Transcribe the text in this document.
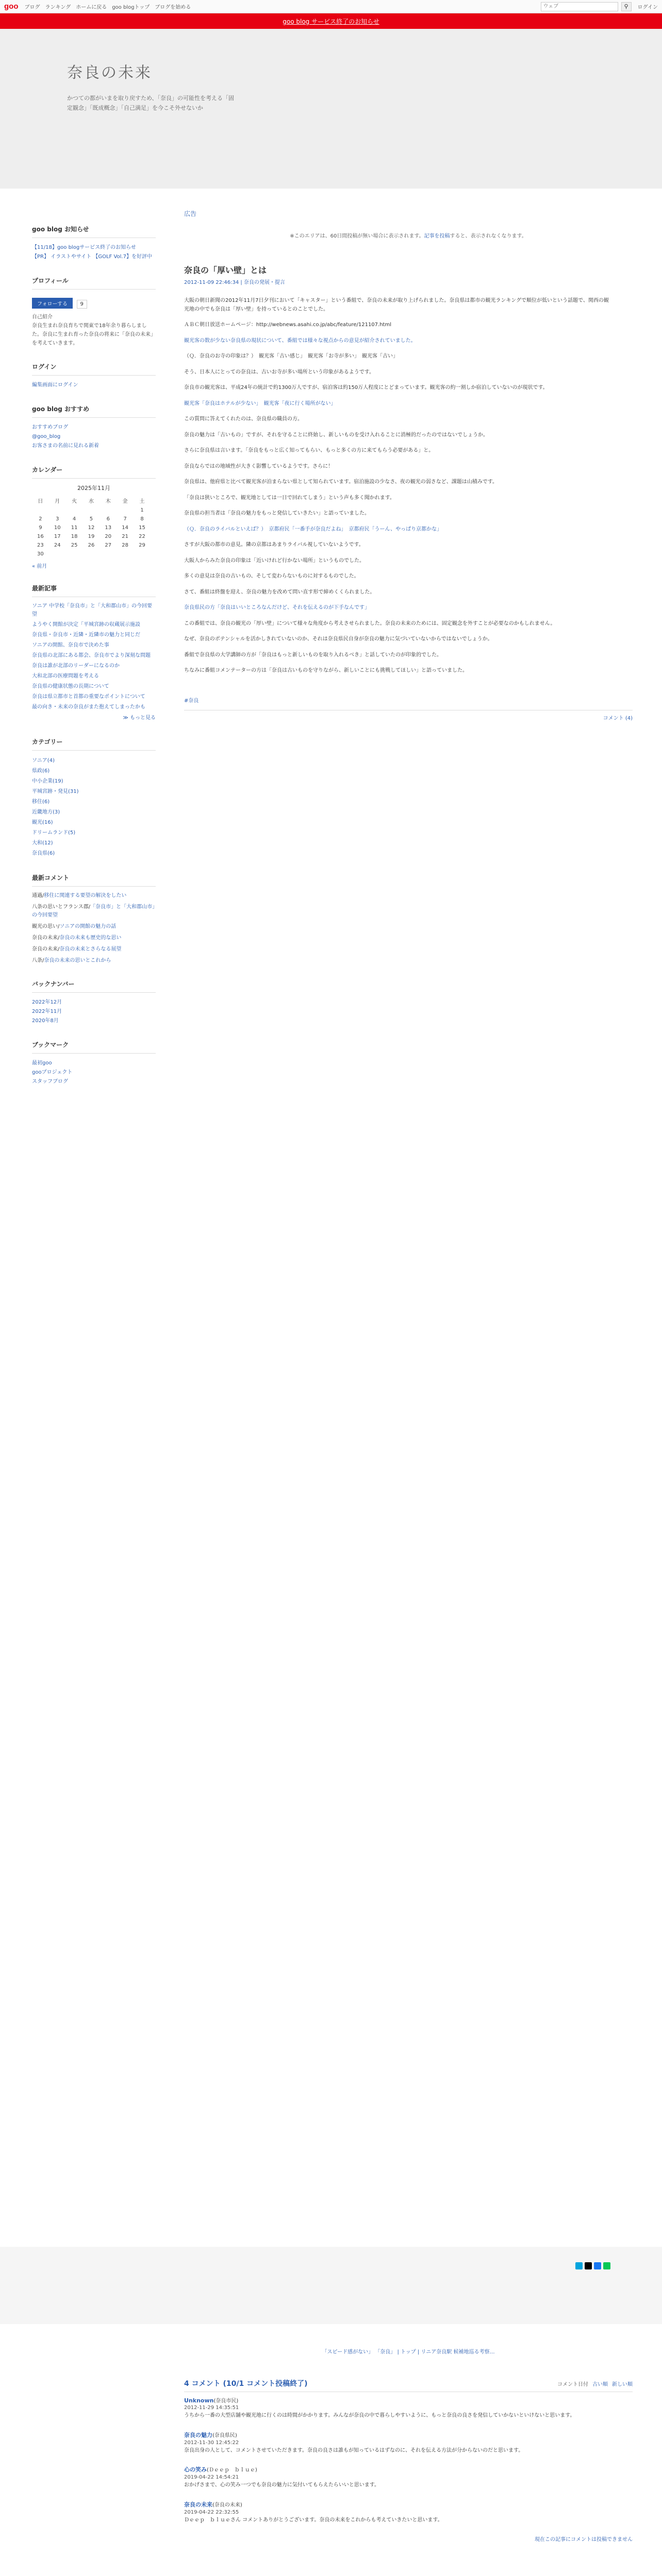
goo ブログ ランキング ホームに戻る goo blogトップ ブログを始める
ウェブ	⚲	ログイン
goo blog サービス終了のお知らせ
奈良の未来
かつての都がいまを取り戻すため、「奈良」の可能性を考える「固定観念」「既成概念」「自己満足」を今こそ外せないか
goo blog お知らせ
【11/18】goo blogサービス終了のお知らせ
【PR】 イラストやサイト 【GOLF Vol.7】を好評中
プロフィール
フォローする 9
自己紹介
奈良生まれ奈良育ちで関東で18年余り暮らしました。奈良に生まれ育った奈良の将来に「奈良の未来」を考えていきます。
ログイン
編集画面にログイン
goo blog おすすめ
おすすめブログ
@goo_blog
お客さまの名前に見れる新着
カレンダー
2025年11月
日	月	火	水	木	金	土
						1
2	3	4	5	6	7	8
9	10	11	12	13	14	15
16	17	18	19	20	21	22
23	24	25	26	27	28	29
30						
« 前月
最新記事
ソニア 中学校「奈良市」と「大和郡山市」の今回要望
ようやく開館が決定「平城宮跡の収蔵展示施設
奈良県・奈良市・近隣・近隣市の魅力と同じだ
ソニアの開館、奈良市で決めた事
奈良県の北部にある都会、奈良市でより深刻な問題
奈良は誰が北部のリーダーになるのか
大和北部の医療問題を考える
奈良県の健康状態の長期について
奈良は県立都市と首都の重要なポイントについて
最の向き・未来の奈良がまた抱えてしまったかも
≫ もっと見る
カテゴリー
ソニア(4)
県政(6)
中小企業(19)
平城宮跡・発見(31)
移住(6)
近畿地方(3)
観光(16)
ドリームランド(5)
大和(12)
奈良県(6)
最新コメント
通過/移住に関連する要望の解決をしたい
八条の思いとフランス郡/「奈良市」と「大和郡山市」の今回要望
観光の思い/ソニアの開館の魅力の話
奈良の未来/奈良の未来も歴史的な思い
奈良の未来/奈良の未来とさらなる展望
八条/奈良の未来の思いとこれから
バックナンバー
2022年12月
2022年11月
2020年8月
ブックマーク
最初goo
gooプロジェクト
スタッフブログ
広告
※このエリアは、60日間投稿が無い場合に表示されます。記事を投稿すると、表示されなくなります。
奈良の「厚い壁」とは
2012-11-09 22:46:34 | 奈良の発展・提言

大阪の朝日新聞の2012年11月7日夕刊において「キャスター」という番組で、奈良の未来が取り上げられました。奈良県は都市の観光ランキングで順位が低いという話題で、関西の観光地の中でも奈良は「厚い壁」を持っているとのことでした。

ＡＢＣ朝日放送ホームページ：http://webnews.asahi.co.jp/abc/feature/121107.html

観光客の数が少ない奈良県の現状について、番組では様々な視点からの意見が紹介されていました。

（Ｑ．奈良のお寺の印象は？）　観光客「古い感じ」　観光客「お寺が多い」　観光客「古い」

そう、日本人にとっての奈良は、古いお寺が多い場所という印象があるようです。

奈良市の観光客は、平成24年の統計で約1300万人ですが、宿泊客は約150万人程度にとどまっています。観光客の約一割しか宿泊していないのが現状です。

観光客「奈良はホテルが少ない」　観光客「夜に行く場所がない」

この質問に答えてくれたのは、奈良県の職員の方。

奈良の魅力は「古いもの」ですが、それを守ることに終始し、新しいものを受け入れることに消極的だったのではないでしょうか。

さらに奈良県は言います。「奈良をもっと広く知ってもらい、もっと多くの方に来てもらう必要がある」と。

奈良ならではの地域性が大きく影響しているようです。さらに！

奈良県は、他府県と比べて観光客が泊まらない県として知られています。宿泊施設の少なさ、夜の観光の弱さなど、課題は山積みです。

「奈良は狭いところで、観光地としては一日で回れてしまう」という声も多く聞かれます。

奈良県の担当者は「奈良の魅力をもっと発信していきたい」と語っていました。

（Ｑ．奈良のライバルといえば？）　京都府民「一番手が奈良だよね」　京都府民「うーん、やっぱり京都かな」

さすが大阪の都市の意見。隣の京都はあまりライバル視していないようです。

大阪人からみた奈良の印象は「近いけれど行かない場所」というものでした。

多くの意見は奈良の古いもの、そして変わらないものに対するものでした。

さて、番組は終盤を迎え、奈良の魅力を改めて問い直す形で締めくくられました。

奈良県民の方「奈良はいいところなんだけど、それを伝えるのが下手なんです」

この番組では、奈良の観光の「厚い壁」について様々な角度から考えさせられました。奈良の未来のためには、固定観念を外すことが必要なのかもしれません。

なぜ、奈良のポテンシャルを活かしきれていないのか、それは奈良県民自身が奈良の魅力に気づいていないからではないでしょうか。

番組で奈良県の大学講師の方が「奈良はもっと新しいものを取り入れるべき」と話していたのが印象的でした。

ちなみに番組コメンテーターの方は「奈良は古いものを守りながら、新しいことにも挑戦してほしい」と語っていました。

#奈良
コメント (4)
「スピード感がない」 「奈良」 | トップ | リニア奈良駅 候補地巡る考察…
4 コメント (10/1 コメント投稿終了)	コメント日付 古い順 新しい順
Unknown(奈良市民)
2012-11-29 14:35:51
うちから一番の大型店舗や観光地に行くのは時間がかかります。みんなが奈良の中で暮らしやすいように、もっと奈良の良さを発信していかないといけないと思います。
奈良の魅力(奈良県民)
2012-11-30 12:45:22
奈良出身の人として、コメントさせていただきます。奈良の良さは誰もが知っているはずなのに、それを伝える方法が分からないのだと思います。
心の笑み(Ｄｅｅｐ　ｂｌｕｅ)
2019-04-22 14:54:21
おかげさまで、心の笑み一つでも奈良の魅力に気付いてもらえたらいいと思います。
奈良の未来(奈良の未来)
2019-04-22 22:32:55
Ｄｅｅｐ　ｂｌｕｅさん コメントありがとうございます。奈良の未来をこれからも考えていきたいと思います。
現在この記事にコメントは投稿できません
